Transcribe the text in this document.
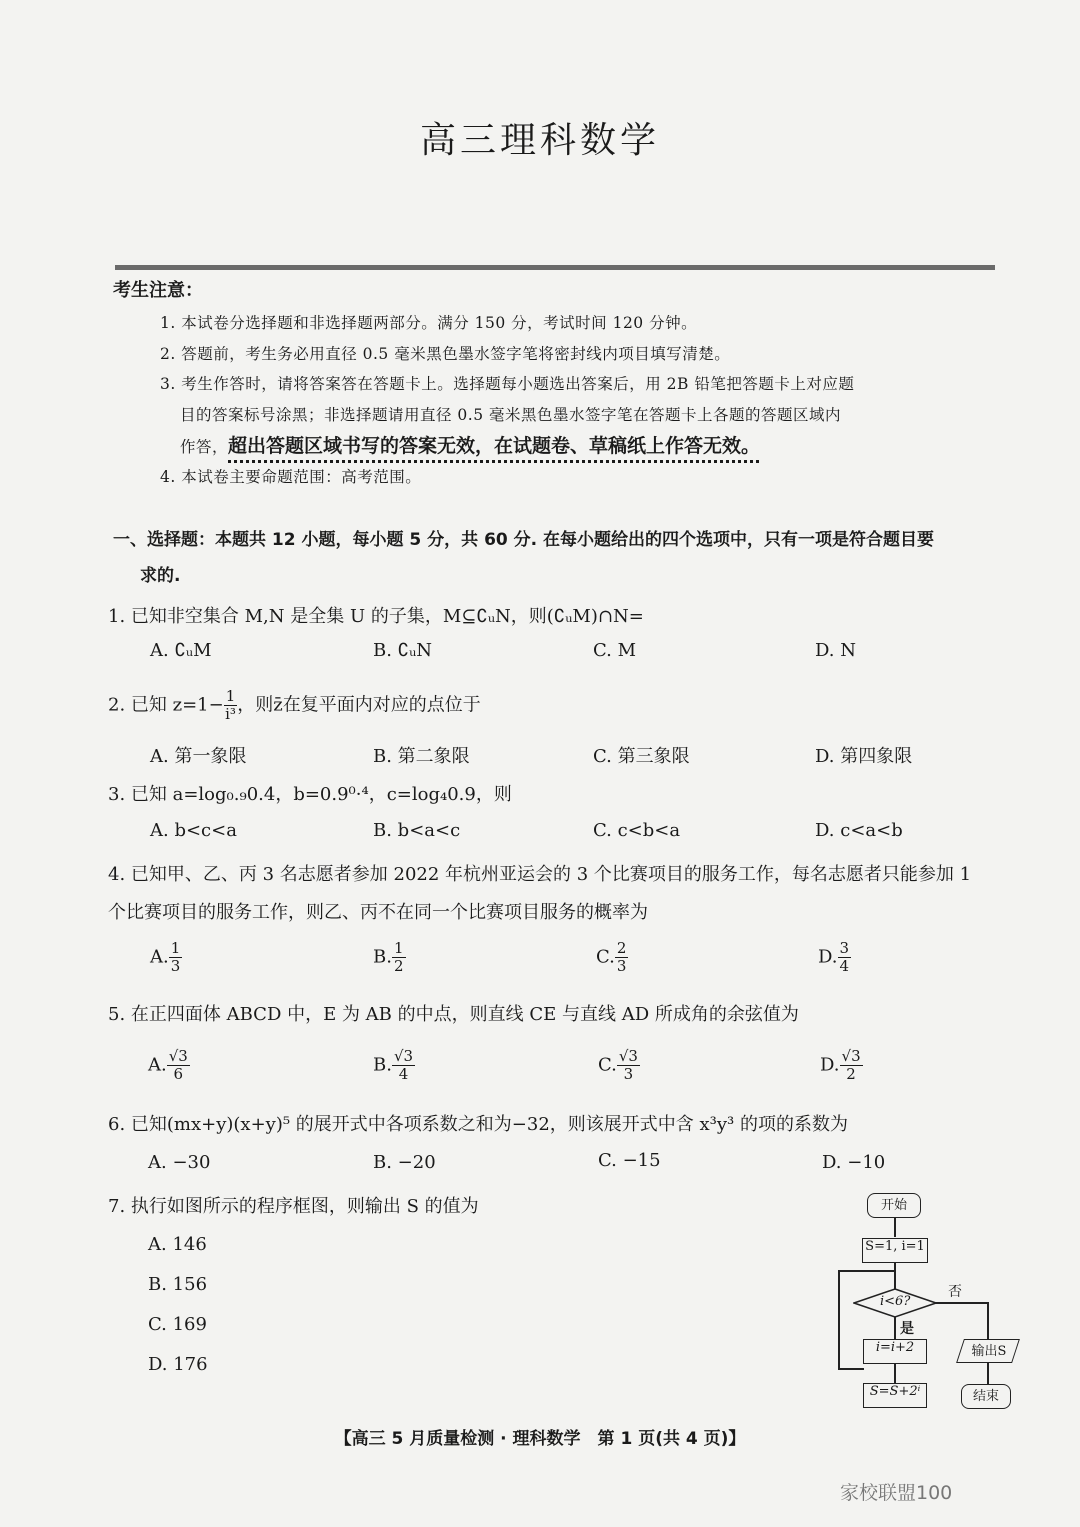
高三理科数学
考生注意：
1. 本试卷分选择题和非选择题两部分。满分 150 分，考试时间 120 分钟。
2. 答题前，考生务必用直径 0.5 毫米黑色墨水签字笔将密封线内项目填写清楚。
3. 考生作答时，请将答案答在答题卡上。选择题每小题选出答案后，用 2B 铅笔把答题卡上对应题
目的答案标号涂黑；非选择题请用直径 0.5 毫米黑色墨水签字笔在答题卡上各题的答题区域内
作答，超出答题区域书写的答案无效，在试题卷、草稿纸上作答无效。
4. 本试卷主要命题范围：高考范围。
一、选择题：本题共 12 小题，每小题 5 分，共 60 分. 在每小题给出的四个选项中，只有一项是符合题目要
求的.
1. 已知非空集合 M,N 是全集 U 的子集，M⊆∁ᵤN，则(∁ᵤM)∩N=
A. ∁ᵤM	B. ∁ᵤN	C. M	D. N
2. 已知 $z=1- \frac{1}{\text{i³}}$ ，则z̄在复平面内对应的点位于
A. 第一象限	B. 第二象限	C. 第三象限	D. 第四象限
3. 已知 a=log₀.₉0.4，b=0.9⁰·⁴，c=log₄0.9，则
A. b<c<a	B. b<a<c	C. c<b<a	D. c<a<b
4. 已知甲、乙、丙 3 名志愿者参加 2022 年杭州亚运会的 3 个比赛项目的服务工作，每名志愿者只能参加 1
个比赛项目的服务工作，则乙、丙不在同一个比赛项目服务的概率为
A. $\frac{1}{3}$	B. $\frac{1}{2}$	C. $\frac{2}{3}$	D. $\frac{3}{4}$
5. 在正四面体 ABCD 中，E 为 AB 的中点，则直线 CE 与直线 AD 所成角的余弦值为
A. $\frac{√3}{6}$	B. $\frac{√3}{4}$	C. $\frac{√3}{3}$	D. $\frac{√3}{2}$
6. 已知(mx+y)(x+y)⁵ 的展开式中各项系数之和为−32，则该展开式中含 x³y³ 的项的系数为
A. −30	B. −20	C. −15	D. −10
7. 执行如图所示的程序框图，则输出 S 的值为
A. 146
B. 156
C. 169
D. 176
开始
S=1, i=1
i<6?
否
是
i=i+2
S=S+2ⁱ
输出S
结束
【高三 5 月质量检测 · 理科数学　第 1 页(共 4 页)】
家校联盟100
